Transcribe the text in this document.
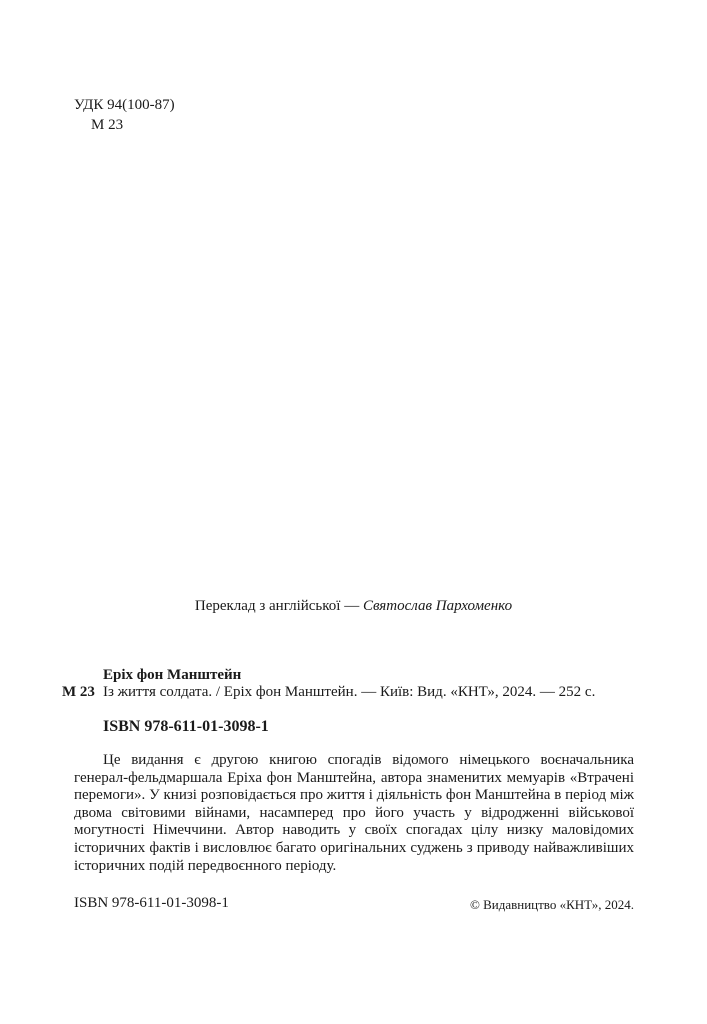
УДК 94(100-87)
М 23
Переклад з англійської — Святослав Пархоменко
Еріх фон Манштейн
М 23 Із життя солдата. / Еріх фон Манштейн. — Київ: Вид. «КНТ», 2024. — 252 с.
ISBN 978-611-01-3098-1

Це видання є другою книгою спогадів відомого німецького воєначальника генерал-фельдмаршала Еріха фон Манштейна, автора знаменитих мемуарів «Втрачені перемоги». У книзі розповідається про життя і діяльність фон Манштейна в період між двома світовими війнами, насамперед про його участь у відродженні військової могутності Німеччини. Автор наводить у своїх спогадах цілу низку маловідомих історичних фактів і висловлює багато оригінальних суджень з приводу найважливіших історичних подій передвоєнного періоду.

ISBN 978-611-01-3098-1	© Видавництво «КНТ», 2024.
